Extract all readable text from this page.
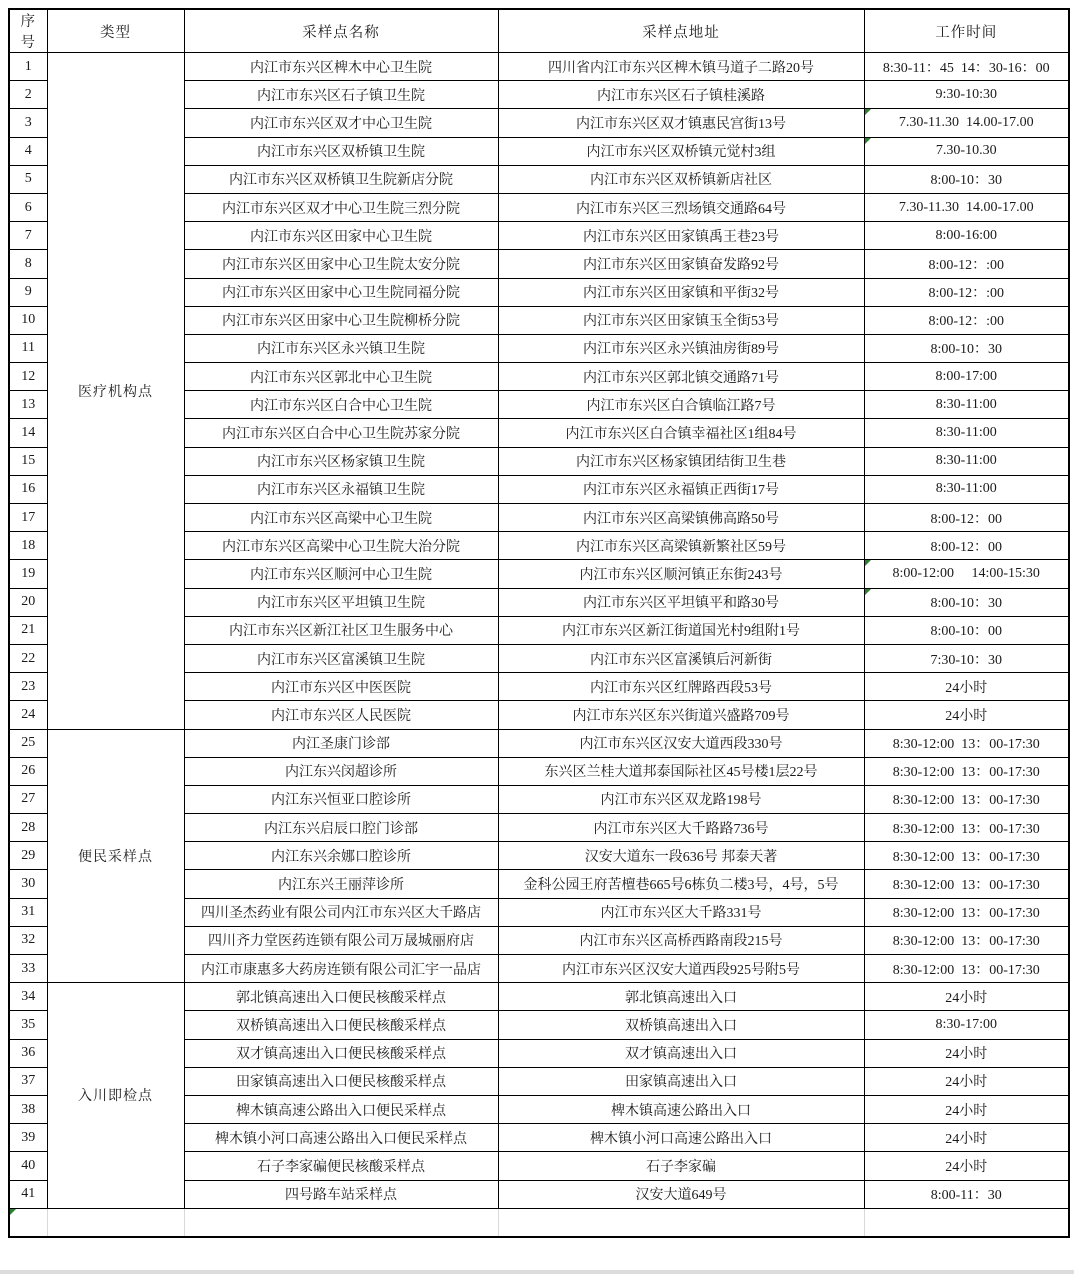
序号	类型	采样点名称	采样点地址	工作时间
1	医疗机构点	内江市东兴区椑木中心卫生院	四川省内江市东兴区椑木镇马道子二路20号	8:30-11：45  14：30-16：00
2		内江市东兴区石子镇卫生院	内江市东兴区石子镇桂溪路	9:30-10:30
3		内江市东兴区双才中心卫生院	内江市东兴区双才镇惠民宫街13号	7.30-11.30  14.00-17.00
4		内江市东兴区双桥镇卫生院	内江市东兴区双桥镇元觉村3组	7.30-10.30
5		内江市东兴区双桥镇卫生院新店分院	内江市东兴区双桥镇新店社区	8:00-10：30
6		内江市东兴区双才中心卫生院三烈分院	内江市东兴区三烈场镇交通路64号	7.30-11.30  14.00-17.00
7		内江市东兴区田家中心卫生院	内江市东兴区田家镇禹王巷23号	8:00-16:00
8		内江市东兴区田家中心卫生院太安分院	内江市东兴区田家镇奋发路92号	8:00-12：:00
9		内江市东兴区田家中心卫生院同福分院	内江市东兴区田家镇和平街32号	8:00-12：:00
10		内江市东兴区田家中心卫生院柳桥分院	内江市东兴区田家镇玉全街53号	8:00-12：:00
11		内江市东兴区永兴镇卫生院	内江市东兴区永兴镇油房街89号	8:00-10：30
12		内江市东兴区郭北中心卫生院	内江市东兴区郭北镇交通路71号	8:00-17:00
13		内江市东兴区白合中心卫生院	内江市东兴区白合镇临江路7号	8:30-11:00
14		内江市东兴区白合中心卫生院苏家分院	内江市东兴区白合镇幸福社区1组84号	8:30-11:00
15		内江市东兴区杨家镇卫生院	内江市东兴区杨家镇团结街卫生巷	8:30-11:00
16		内江市东兴区永福镇卫生院	内江市东兴区永福镇正西街17号	8:30-11:00
17		内江市东兴区高梁中心卫生院	内江市东兴区高梁镇佛高路50号	8:00-12：00
18		内江市东兴区高梁中心卫生院大治分院	内江市东兴区高梁镇新繁社区59号	8:00-12：00
19		内江市东兴区顺河中心卫生院	内江市东兴区顺河镇正东街243号	8:00-12:00     14:00-15:30
20		内江市东兴区平坦镇卫生院	内江市东兴区平坦镇平和路30号	8:00-10：30
21		内江市东兴区新江社区卫生服务中心	内江市东兴区新江街道国光村9组附1号	8:00-10：00
22		内江市东兴区富溪镇卫生院	内江市东兴区富溪镇后河新街	7:30-10：30
23		内江市东兴区中医医院	内江市东兴区红牌路西段53号	24小时
24		内江市东兴区人民医院	内江市东兴区东兴街道兴盛路709号	24小时
25	便民采样点	内江圣康门诊部	内江市东兴区汉安大道西段330号	8:30-12:00  13：00-17:30
26		内江东兴闵超诊所	东兴区兰桂大道邦泰国际社区45号楼1层22号	8:30-12:00  13：00-17:30
27		内江东兴恒亚口腔诊所	内江市东兴区双龙路198号	8:30-12:00  13：00-17:30
28		内江东兴启辰口腔门诊部	内江市东兴区大千路路736号	8:30-12:00  13：00-17:30
29		内江东兴余娜口腔诊所	汉安大道东一段636号 邦泰天著	8:30-12:00  13：00-17:30
30		内江东兴王丽萍诊所	金科公园王府苦檀巷665号6栋负二楼3号，4号，5号	8:30-12:00  13：00-17:30
31		四川圣杰药业有限公司内江市东兴区大千路店	内江市东兴区大千路331号	8:30-12:00  13：00-17:30
32		四川齐力堂医药连锁有限公司万晟城丽府店	内江市东兴区高桥西路南段215号	8:30-12:00  13：00-17:30
33		内江市康惠多大药房连锁有限公司汇宇一品店	内江市东兴区汉安大道西段925号附5号	8:30-12:00  13：00-17:30
34	入川即检点	郭北镇高速出入口便民核酸采样点	郭北镇高速出入口	24小时
35		双桥镇高速出入口便民核酸采样点	双桥镇高速出入口	8:30-17:00
36		双才镇高速出入口便民核酸采样点	双才镇高速出入口	24小时
37		田家镇高速出入口便民核酸采样点	田家镇高速出入口	24小时
38		椑木镇高速公路出入口便民采样点	椑木镇高速公路出入口	24小时
39		椑木镇小河口高速公路出入口便民采样点	椑木镇小河口高速公路出入口	24小时
40		石子李家碥便民核酸采样点	石子李家碥	24小时
41		四号路车站采样点	汉安大道649号	8:00-11：30
